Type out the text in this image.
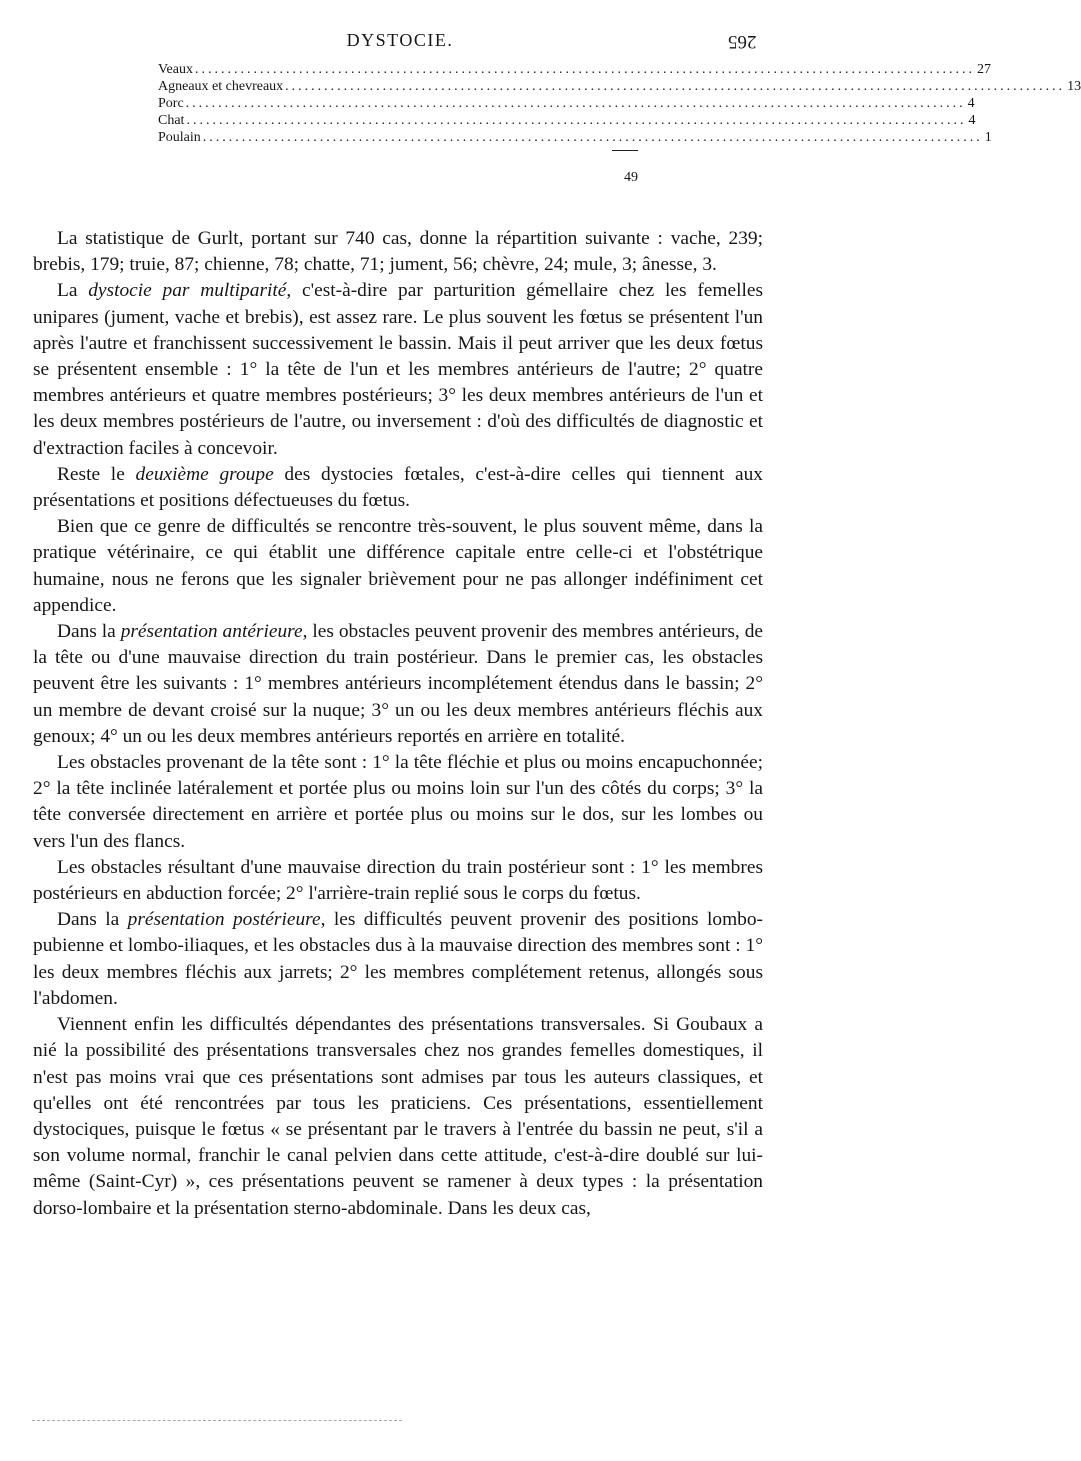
DYSTOCIE.	265
Veaux ........................................................................................................................ 27
Agneaux et chevreaux ........................................................................................................................ 13
Porc ........................................................................................................................ 4
Chat ........................................................................................................................ 4
Poulain ........................................................................................................................ 1
49

La statistique de Gurlt, portant sur 740 cas, donne la répartition suivante : vache, 239; brebis, 179; truie, 87; chienne, 78; chatte, 71; jument, 56; chèvre, 24; mule, 3; ânesse, 3.

La dystocie par multiparité, c'est-à-dire par parturition gémellaire chez les femelles unipares (jument, vache et brebis), est assez rare. Le plus souvent les fœtus se présentent l'un après l'autre et franchissent successivement le bassin. Mais il peut arriver que les deux fœtus se présentent ensemble : 1° la tête de l'un et les membres antérieurs de l'autre; 2° quatre membres antérieurs et quatre membres postérieurs; 3° les deux membres antérieurs de l'un et les deux membres postérieurs de l'autre, ou inversement : d'où des difficultés de diagnostic et d'extraction faciles à concevoir.

Reste le deuxième groupe des dystocies fœtales, c'est-à-dire celles qui tiennent aux présentations et positions défectueuses du fœtus.

Bien que ce genre de difficultés se rencontre très-souvent, le plus souvent même, dans la pratique vétérinaire, ce qui établit une différence capitale entre celle-ci et l'obstétrique humaine, nous ne ferons que les signaler brièvement pour ne pas allonger indéfiniment cet appendice.

Dans la présentation antérieure, les obstacles peuvent provenir des membres antérieurs, de la tête ou d'une mauvaise direction du train postérieur. Dans le premier cas, les obstacles peuvent être les suivants : 1° membres antérieurs incomplétement étendus dans le bassin; 2° un membre de devant croisé sur la nuque; 3° un ou les deux membres antérieurs fléchis aux genoux; 4° un ou les deux membres antérieurs reportés en arrière en totalité.

Les obstacles provenant de la tête sont : 1° la tête fléchie et plus ou moins encapuchonnée; 2° la tête inclinée latéralement et portée plus ou moins loin sur l'un des côtés du corps; 3° la tête conversée directement en arrière et portée plus ou moins sur le dos, sur les lombes ou vers l'un des flancs.

Les obstacles résultant d'une mauvaise direction du train postérieur sont : 1° les membres postérieurs en abduction forcée; 2° l'arrière-train replié sous le corps du fœtus.

Dans la présentation postérieure, les difficultés peuvent provenir des positions lombo-pubienne et lombo-iliaques, et les obstacles dus à la mauvaise direction des membres sont : 1° les deux membres fléchis aux jarrets; 2° les membres complétement retenus, allongés sous l'abdomen.

Viennent enfin les difficultés dépendantes des présentations transversales. Si Goubaux a nié la possibilité des présentations transversales chez nos grandes femelles domestiques, il n'est pas moins vrai que ces présentations sont admises par tous les auteurs classiques, et qu'elles ont été rencontrées par tous les praticiens. Ces présentations, essentiellement dystociques, puisque le fœtus « se présentant par le travers à l'entrée du bassin ne peut, s'il a son volume normal, franchir le canal pelvien dans cette attitude, c'est-à-dire doublé sur lui-même (Saint-Cyr) », ces présentations peuvent se ramener à deux types : la présentation dorso-lombaire et la présentation sterno-abdominale. Dans les deux cas,
